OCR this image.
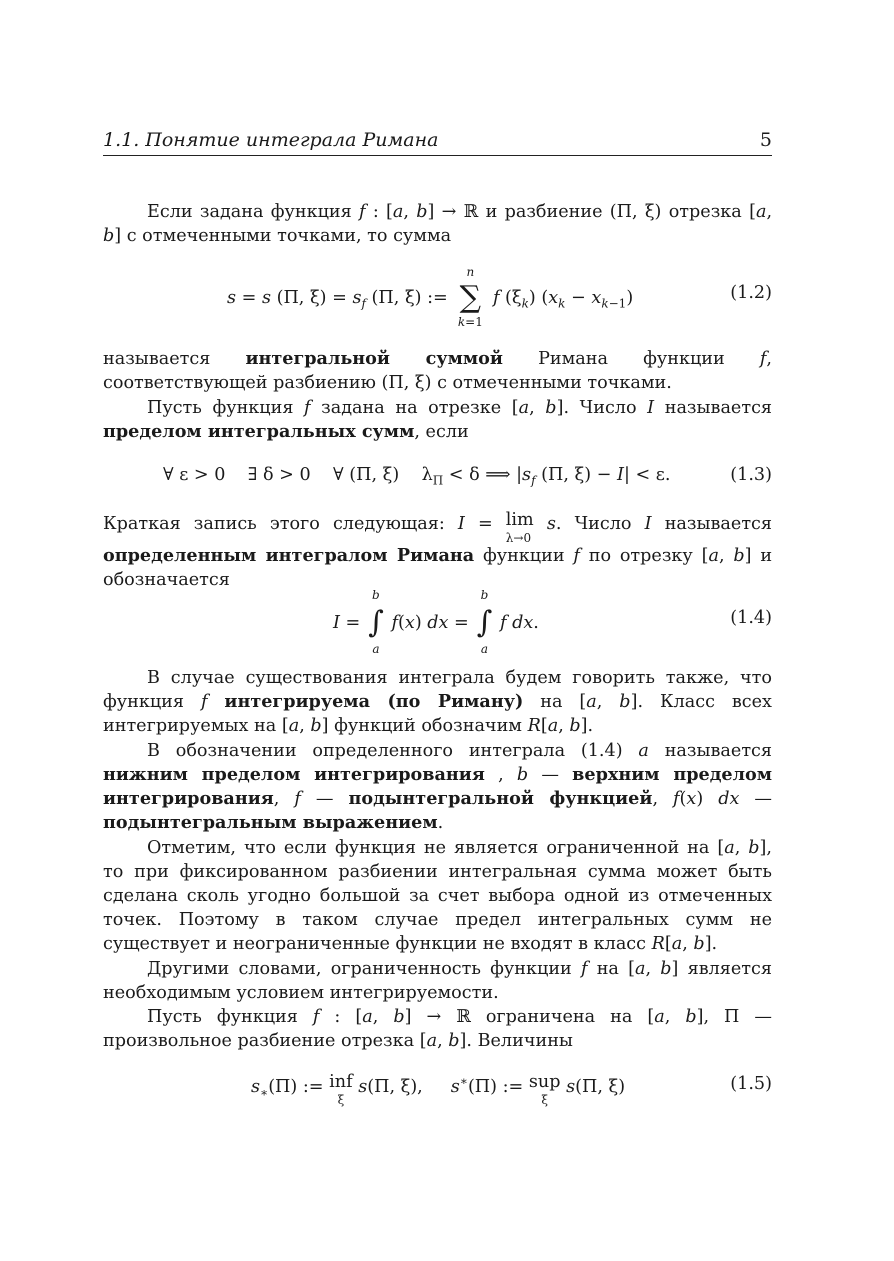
1.1. Понятие интеграла Римана	5

Если задана функция f : [a, b] → ℝ и разбиение (Π, ξ) отрезка [a, b] с отмеченными точками, то сумма

s = s (Π, $\xi) = s_f$ (Π, ξ) :=
n
∑
k=1
f $(\xi_k) (x_k - x_{k-1})$	(1.2)

называется интегральной суммой Римана функции f, соответствующей разбиению (Π, ξ) с отмеченными точками.

Пусть функция f задана на отрезке [a, b]. Число I называется пределом интегральных сумм, если

∀ ε > 0    ∃ δ > 0    ∀ (Π, ξ)    $\lambda_\Pi < \delta$ ⟹ $|s_f$ (Π, ξ) − I| < ε.	(1.3)

Краткая запись этого следующая: I = lim
λ→0
s. Число I называется определенным интегралом Римана функции f по отрезку [a, b] и обозначается

I =
b
∫
a
f(x) dx =
b
∫
a
f dx.	(1.4)

В случае существования интеграла будем говорить также, что функция f интегрируема (по Риману) на [a, b]. Класс всех интегрируемых на [a, b] функций обозначим R[a, b].

В обозначении определенного интеграла (1.4) a называется нижним пределом интегрирования , b — верхним пределом интегрирования, f — подынтегральной функцией, f(x) dx — подынтегральным выражением.

Отметим, что если функция не является ограниченной на [a, b], то при фиксированном разбиении интегральная сумма может быть сделана сколь угодно большой за счет выбора одной из отмеченных точек. Поэтому в таком случае предел интегральных сумм не существует и неограниченные функции не входят в класс R[a, b].

Другими словами, ограниченность функции f на [a, b] является необходимым условием интегрируемости.

Пусть функция f : [a, b] → ℝ ограничена на [a, b], Π — произвольное разбиение отрезка [a, b]. Величины

$s_∗(\Pi)$ := inf
ξ
s(Π, ξ),     s∗(Π) := sup
ξ
s(Π, ξ)	(1.5)
